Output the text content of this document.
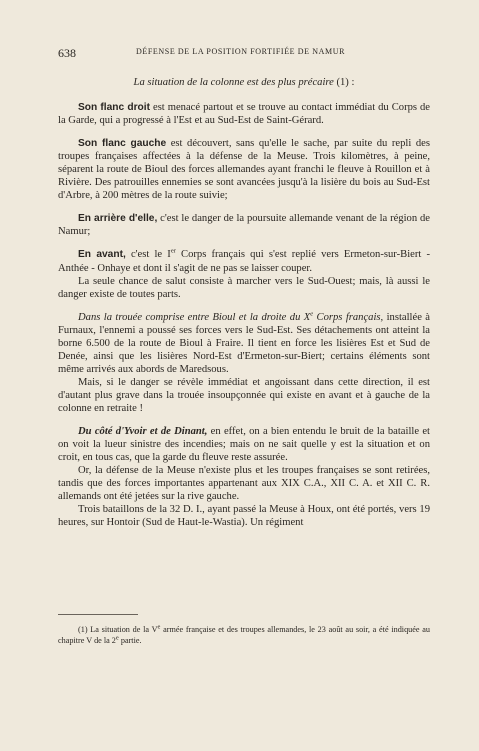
638	DÉFENSE DE LA POSITION FORTIFIÉE DE NAMUR

La situation de la colonne est des plus précaire (1) :

Son flanc droit est menacé partout et se trouve au contact immédiat du Corps de la Garde, qui a progressé à l'Est et au Sud-Est de Saint-Gérard.

Son flanc gauche est découvert, sans qu'elle le sache, par suite du repli des troupes françaises affectées à la défense de la Meuse. Trois kilomètres, à peine, séparent la route de Bioul des forces allemandes ayant franchi le fleuve à Rouillon et à Rivière. Des patrouilles ennemies se sont avancées jusqu'à la lisière du bois au Sud-Est d'Arbre, à 200 mètres de la route suivie;

En arrière d'elle, c'est le danger de la poursuite allemande venant de la région de Namur;

En avant, c'est le Ier Corps français qui s'est replié vers Ermeton-sur-Biert - Anthée - Onhaye et dont il s'agit de ne pas se laisser couper.

La seule chance de salut consiste à marcher vers le Sud-Ouest; mais, là aussi le danger existe de toutes parts.

Dans la trouée comprise entre Bioul et la droite du Xe Corps français, installée à Furnaux, l'ennemi a poussé ses forces vers le Sud-Est. Ses détachements ont atteint la borne 6.500 de la route de Bioul à Fraire. Il tient en force les lisières Est et Sud de Denée, ainsi que les lisières Nord-Est d'Ermeton-sur-Biert; certains éléments sont même arrivés aux abords de Maredsous.

Mais, si le danger se révèle immédiat et angoissant dans cette direction, il est d'autant plus grave dans la trouée insoupçonnée qui existe en avant et à gauche de la colonne en retraite !

Du côté d'Yvoir et de Dinant, en effet, on a bien entendu le bruit de la bataille et on voit la lueur sinistre des incendies; mais on ne sait quelle y est la situation et on croit, en tous cas, que la garde du fleuve reste assurée.

Or, la défense de la Meuse n'existe plus et les troupes françaises se sont retirées, tandis que des forces importantes appartenant aux XIX C.A., XII C. A. et XII C. R. allemands ont été jetées sur la rive gauche.

Trois bataillons de la 32 D. I., ayant passé la Meuse à Houx, ont été portés, vers 19 heures, sur Hontoir (Sud de Haut-le-Wastia). Un régiment

(1) La situation de la Ve armée française et des troupes allemandes, le 23 août au soir, a été indiquée au chapitre V de la 2e partie.
